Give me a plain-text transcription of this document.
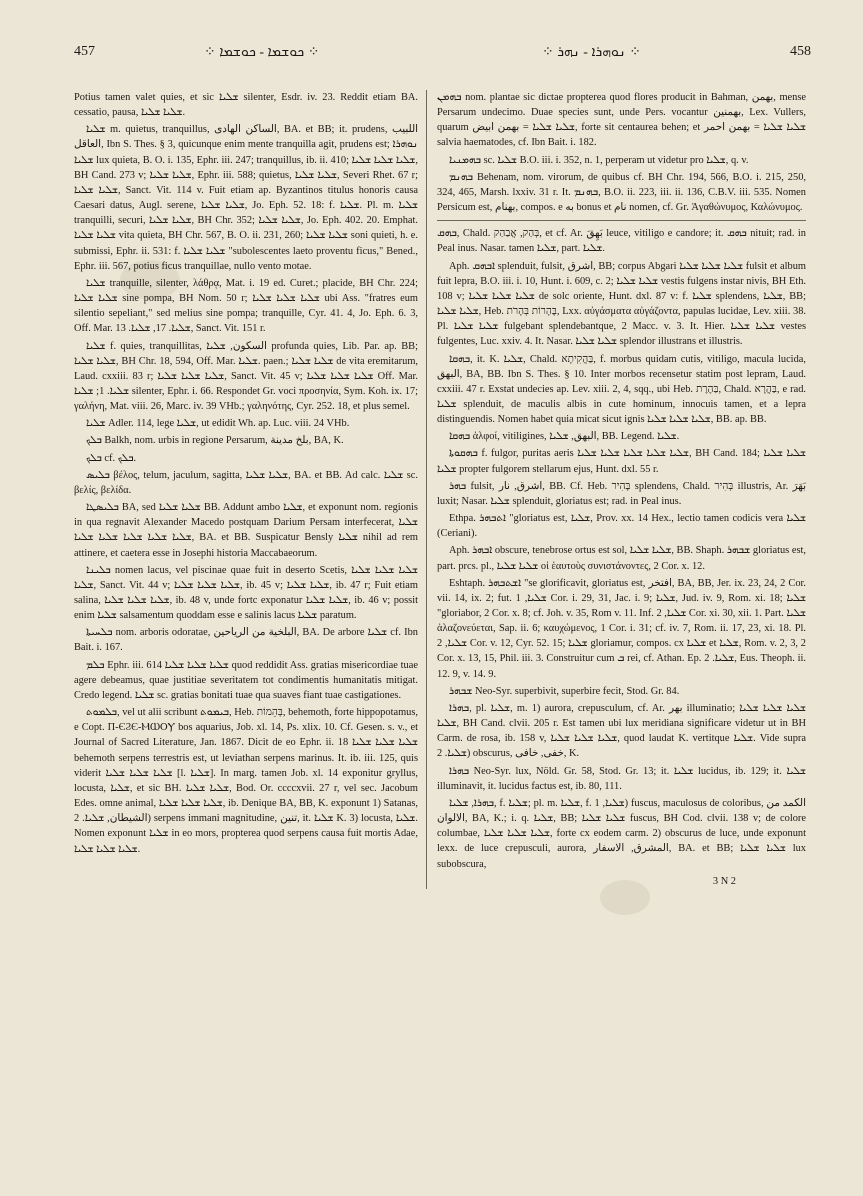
457	⁘ ܟܘܫܡܐ - ܟܘܫܡܐ ⁘	⁘ ܢܘܗܪܐ - ܢܗܪ ⁘	458

Potius tamen valet quies, et sic ܫܠܝܐ silenter, Esdr. iv. 23. Reddit etiam BA. cessatio, pausa, ܫܠܝܐ ܫܠܝܐ.

ܫܠܝܐ m. quietus, tranquillus, الساكن الهادى, BA. et BB; it. prudens, اللبيب العاقل, Ibn S. Thes. § 3, quicunque enim mente tranquilla agit, prudens est; ܢܘܗܪܐ ܫܠܝܐ lux quieta, B. O. i. 135, Ephr. iii. 247; tranquillus, ib. ii. 410; ܫܠܝܐ ܫܠܝܐ ܫܠܝܐ, BH Cand. 273 v; ܫܠܝܐ ܫܠܝܐ, Ephr. iii. 588; quietus, ܫܠܝܐ ܫܠܝܐ, Severi Rhet. 67 r; ܫܠܝܐ ܫܠܝܐ, Sanct. Vit. 114 v. Fuit etiam ap. Byzantinos titulus honoris causa Caesari datus, Augl. serene, ܫܠܝܐ ܫܠܝܐ, Jo. Eph. 52. 18: f. ܫܠܝܐ. Pl. m. ܫܠܝܐ tranquilli, securi, ܫܠܝܐ ܫܠܝܐ, BH Chr. 352; ܫܠܝܐ ܫܠܝܐ, Jo. Eph. 402. 20. Emphat. ܫܠܝܐ ܫܠܝܐ vita quieta, BH Chr. 567, B. O. ii. 231, 260; ܫܠܝܐ ܫܠܝܐ soni quieti, h. e. submissi, Ephr. ii. 531: f. ܫܠܝܐ ܫܠܝܐ "subolescentes laeto proventu ficus," Bened., Ephr. iii. 567, potius ficus tranquillae, nullo vento motae.

ܫܠܝܐ tranquille, silenter, λάθρᾳ, Mat. i. 19 ed. Curet.; placide, BH Chr. 224; ܫܠܝܐ ܫܠܝܐ sine pompa, BH Nom. 50 r; ܫܠܝܐ ܫܠܝܐ ܫܠܝܐ ubi Ass. "fratres eum silentio sepeliant," sed melius sine pompa; tranquille, Cyr. 41. 4, Jo. Eph. 6. 3, Off. Mar. ܫܠܝܐ. 17, ܫܠܝܐ. 13, Sanct. Vit. 151 r.

ܫܠܝܐ f. quies, tranquillitas, السكون, ܫܠܝܐ profunda quies, Lib. Par. ap. BB; ܫܠܝܐ ܫܠܝܐ, BH Chr. 18, 594, Off. Mar. ܫܠܝܐ. paen.; ܫܠܝܐ ܫܠܝܐ de vita eremitarum, Laud. cxxiii. 83 r; ܫܠܝܐ ܫܠܝܐ ܫܠܝܐ, Sanct. Vit. 45 v; ܫܠܝܐ ܫܠܝܐ ܫܠܝܐ Off. Mar. ܫܠܝܐ. 1; ܫܠܝܐ silenter, Ephr. i. 66. Respondet Gr. voci προσηνία, Sym. Koh. ix. 17; γαλήνη, Mat. viii. 26, Marc. iv. 39 VHb.; γαληνότης, Cyr. 252. 18, et plus semel.

ܫܠܝܐ Adler. 114, lege ܫܠܝܐ, ut edidit Wh. ap. Luc. viii. 24 VHb.

ܒܠܟ Balkh, nom. urbis in regione Persarum, بلخ مدينة, BA, K.

ܒܠܟ cf. ܒܠܟ.

ܒܠܝܣ βέλος, telum, jaculum, sagitta, ܫܠܝܐ ܫܠܝܐ, BA. et BB. Ad calc. ܫܠܝܐ sc. βελίς, βελίδα.

ܒܠܝܣܛܐ BA, sed ܫܠܝܐ ܫܠܝܐ BB. Addunt ambo ܫܠܝܐ, et exponunt nom. regionis in qua regnavit Alexander Macedo postquam Darium Persam interfecerat, ܫܠܝܐ ܫܠܝܐ ܫܠܝܐ ܫܠܝܐ ܫܠܝܐ ܫܠܝܐ, BA. et BB. Suspicatur Bensly ܫܠܝܐ nihil ad rem attinere, et caetera esse in Josephi historia Maccabaeorum.

ܒܠܝܢܐ nomen lacus, vel piscinae quae fuit in deserto Scetis, ܫܠܝܐ ܫܠܝܐ ܫܠܝܐ ܫܠܝܐ, Sanct. Vit. 44 v; ܫܠܝܐ ܫܠܝܐ ܫܠܝܐ, ib. 45 v; ܫܠܝܐ ܫܠܝܐ, ib. 47 r; Fuit etiam salina, ܫܠܝܐ ܫܠܝܐ ܫܠܝܐ, ib. 48 v, unde fortc exponatur ܫܠܝܐ ܫܠܝܐ, ib. 46 v; possit enim ܫܠܝܐ salsamentum quoddam esse e salinis lacus ܫܠܝܐ paratum.

ܒܠܚܝܬܐ nom. arboris odoratae, البلخية من الرياحين, BA. De arbore ܫܠܝܐ cf. Ibn Bait. i. 167.

ܒܠܡ Ephr. iii. 614 ܫܠܝܐ ܫܠܝܐ ܫܠܝܐ quod reddidit Ass. gratias misericordiae tuae agere debeamus, quae justitiae severitatem tot condimentis humanitatis mitigat. Credo legend. ܫܠܝܐ sc. gratias bonitati tuae qua suaves fiant tuae castigationes.

ܒܠܡܘܬ, vel ut alii scribunt ܒܝܡܘܬ, Heb. בְּהֵמוֹת, behemoth, forte hippopotamus, e Copt. Π-ЄϨЄ-ⲘⲰⲞⲨ bos aquarius, Job. xl. 14, Ps. xlix. 10. Cf. Gesen. s. v., et Journal of Sacred Literature, Jan. 1867. Dicit de eo Ephr. ii. 18 ܫܠܝܐ ܫܠܝܐ ܫܠܝܐ behemoth serpens terrestris est, ut leviathan serpens marinus. It. ib. iii. 125, quis viderit ܫܠܝܐ ܫܠܝܐ ܫܠܝܐ [l. ܫܠܝܐ]. In marg. tamen Job. xl. 14 exponitur gryllus, locusta, ܫܠܝܐ, et sic BH. ܫܠܝܐ ܫܠܝܐ, Bod. Or. ccccxvii. 27 r, vel sec. Jacobum Edes. omne animal, ܫܠܝܐ ܫܠܝܐ ܫܠܝܐ, ib. Denique BA, BB, K. exponunt 1) Satanas, الشيطان, ܫܠܝܐ. 2) serpens immani magnitudine, تنين, it. ܫܠܝܐ K. 3) locusta, ܫܠܝܐ. Nomen exponunt ܫܠܝܐ in eo mors, propterea quod serpens causa fuit mortis Adae, ܫܠܝܐ ܫܠܝܐ ܫܠܝܐ.

ܒܗܡܢ nom. plantae sic dictae propterea quod flores producit in Bahman, بهمن, mense Persarum undecimo. Duae species sunt, unde Pers. vocantur بهمنين, Lex. Vullers, quarum ܫܠܝܐ ܫܠܝܐ = بهمن ابيض, forte sit centaurea behen; et ܫܠܝܐ ܫܠܝܐ = بهمن احمر salvia haematodes, cf. Ibn Bait. i. 182.

ܒܗܡܢܝܐ sc. ܫܠܝܐ B.O. iii. i. 352, n. 1, perperam ut videtur pro ܫܠܝܐ, q. v.

ܒܗܢܡ Behenam, nom. virorum, de quibus cf. BH Chr. 194, 566, B.O. i. 215, 250, 324, 465, Marsh. lxxiv. 31 r. It. ܒܗܢܡ, B.O. ii. 223, iii. ii. 136, C.B.V. iii. 535. Nomen Persicum est, بهنام, compos. e به bonus et نام nomen, cf. Gr. Ἀγαθώνυμος, Καλώνυμος.

ܒܗܩ, Chald. בְּהַק, אֲבַהַק, et cf. Ar. بَهِقَ leuce, vitiligo e candore; it. ܒܗܩ nituit; rad. in Peal inus. Nasar. tamen ܫܠܝܐ, part. ܫܠܝܐ.

Aph. ܐܒܗܩ splenduit, fulsit, اشرق, BB; corpus Abgari ܫܠܝܐ ܫܠܝܐ ܫܠܝܐ fulsit et album fuit lepra, B.O. iii. i. 10, Hunt. i. 609, c. 2; ܫܠܝܐ ܫܠܝܐ vestis fulgens instar nivis, BH Eth. 108 v; ܫܠܝܐ ܫܠܝܐ ܫܠܝܐ de solc oriente, Hunt. dxl. 87 v: f. ܫܠܝܐ splendens, ܫܠܝܐ, BB; ܫܠܝܐ ܫܠܝܐ, Heb. בֶּהָרוֹת בְּהָרֹת, Lxx. αὐγάσματα αὐγάζοντα, papulas lucidae, Lev. xiii. 38. Pl. ܫܠܝܐ ܫܠܝܐ fulgebant splendebantque, 2 Macc. v. 3. It. Hier. ܫܠܝܐ ܫܠܝܐ vestes fulgentes, Luc. xxiv. 4. It. Nasar. ܫܠܝܐ ܫܠܝܐ splendor illustrans et illustris.

ܒܗܩܐ, it. K. ܫܠܝܐ, Chald. בַּהֲקִיתָא, f. morbus quidam cutis, vitiligo, macula lucida, البهق, BA, BB. Ibn S. Thes. § 10. Inter morbos recensetur statim post lepram, Laud. cxxiii. 47 r. Exstat undecies ap. Lev. xiii. 2, 4, sqq., ubi Heb. בַּהֶרֶת, Chald. בַּהֲרָא, e rad. ܫܠܝܐ splenduit, de maculis albis in cute hominum, innocuis tamen, et a lepra distinguendis. Nomen habet quia micat sicut ignis ܫܠܝܐ ܫܠܝܐ ܫܠܝܐ, BB. ap. BB.

ܒܗܩܐ ἀλφοί, vitiligines, البهق, ܫܠܝܐ, BB. Legend. ܫܠܝܐ.

ܒܗܩܘܬܐ f. fulgor, puritas aeris ܫܠܝܐ ܫܠܝܐ ܫܠܝܐ ܫܠܝܐ ܫܠܝܐ, BH Cand. 184; ܫܠܝܐ ܫܠܝܐ ܫܠܝܐ propter fulgorem stellarum ejus, Hunt. dxl. 55 r.

ܒܗܪ fulsit, اشرق, نار, BB. Cf. Heb. בָּהִיר splendens, Chald. בְּהִיר illustris, Ar. بَهَرَ luxit; Nasar. ܫܠܝܐ splenduit, gloriatus est; rad. in Peal inus.

Ethpa. ܐܬܒܗܪ "gloriatus est, ܫܠܝܐ, Prov. xx. 14 Hex., lectio tamen codicis vera ܫܠܝܐ (Ceriani).

Aph. ܐܒܗܪ obscure, tenebrose ortus est sol, ܫܠܝܐ ܫܠܝܐ, BB. Shaph. ܫܒܗܪ gloriatus est, part. prcs. pl., ܫܠܝܐ ܫܠܝܐ οἱ ἑαυτοὺς συνιστάνοντες, 2 Cor. x. 12.

Eshtaph. ܐܫܬܒܗܪ "se glorificavit, gloriatus est, افتخر, BA, BB, Jer. ix. 23, 24, 2 Cor. vii. 14, ix. 2; fut. ܫܠܝܐ, 1 Cor. i. 29, 31, Jac. i. 9; ܫܠܝܐ, Jud. iv. 9, Rom. xi. 18; ܫܠܝܐ "gloriabor, 2 Cor. x. 8; cf. Joh. v. 35, Rom v. 11. Inf. ܫܠܝܐ, 2 Cor. xi. 30, xii. 1. Part. ܫܠܝܐ ἀλαζονεύεται, Sap. ii. 6; καυχώμενος, 1 Cor. i. 31; cf. iv. 7, Rom. ii. 17, 23, xi. 18. Pl. ܫܠܝܐ, 2 Cor. v. 12, Cyr. 52. 15; ܫܠܝܐ gloriamur, compos. cx ܫܠܝܐ et ܫܠܝܐ, Rom. v. 2, 3, 2 Cor. x. 13, 15, Phil. iii. 3. Construitur cum ܒ rei, cf. Athan. Ep. ܫܠܝܐ. 2, Eus. Theoph. ii. 12. 9, v. 14. 9.

ܫܒܗܪ Neo-Syr. superbivit, superbire fecit, Stod. Gr. 84.

ܒܗܪܐ, pl. ܫܠܝܐ, m. 1) aurora, crepusculum, cf. Ar. بهر illuminatio; ܫܠܝܐ ܫܠܝܐ ܫܠܝܐ ܫܠܝܐ, BH Cand. clvii. 205 r. Est tamen ubi lux meridiana significare videtur ut in BH Carm. de rosa, ib. 158 v, ܫܠܝܐ ܫܠܝܐ ܫܠܝܐ, quod laudat K. vertitque ܫܠܝܐ. Vide supra ܫܠܝܐ. 2) obscurus, خفى, خافى, K.

ܒܗܪܐ Neo-Syr. lux, Nöld. Gr. 58, Stod. Gr. 13; it. ܫܠܝܐ lucidus, ib. 129; it. ܫܠܝܐ illuminavit, it. lucidus factus est, ib. 80, 111.

ܒܗܪܐ, ܫܠܝܐ, f. ܫܠܝܐ; pl. m. ܫܠܝܐ, f. ܫܠܝܐ, 1) fuscus, maculosus de coloribus, الكمد من الالوان, BA, K.; i. q. ܫܠܝܐ, BB; ܫܠܝܐ ܫܠܝܐ fuscus, BH Cod. clvii. 138 v; de colore columbae, ܫܠܝܐ ܫܠܝܐ ܫܠܝܐ, forte cx eodem carm. 2) obscurus de luce, unde exponunt lexx. de luce crepusculi, aurora, المشرق, الاسفار, BA. et BB; ܫܠܝܐ ܫܠܝܐ lux subobscura,

3 N 2
